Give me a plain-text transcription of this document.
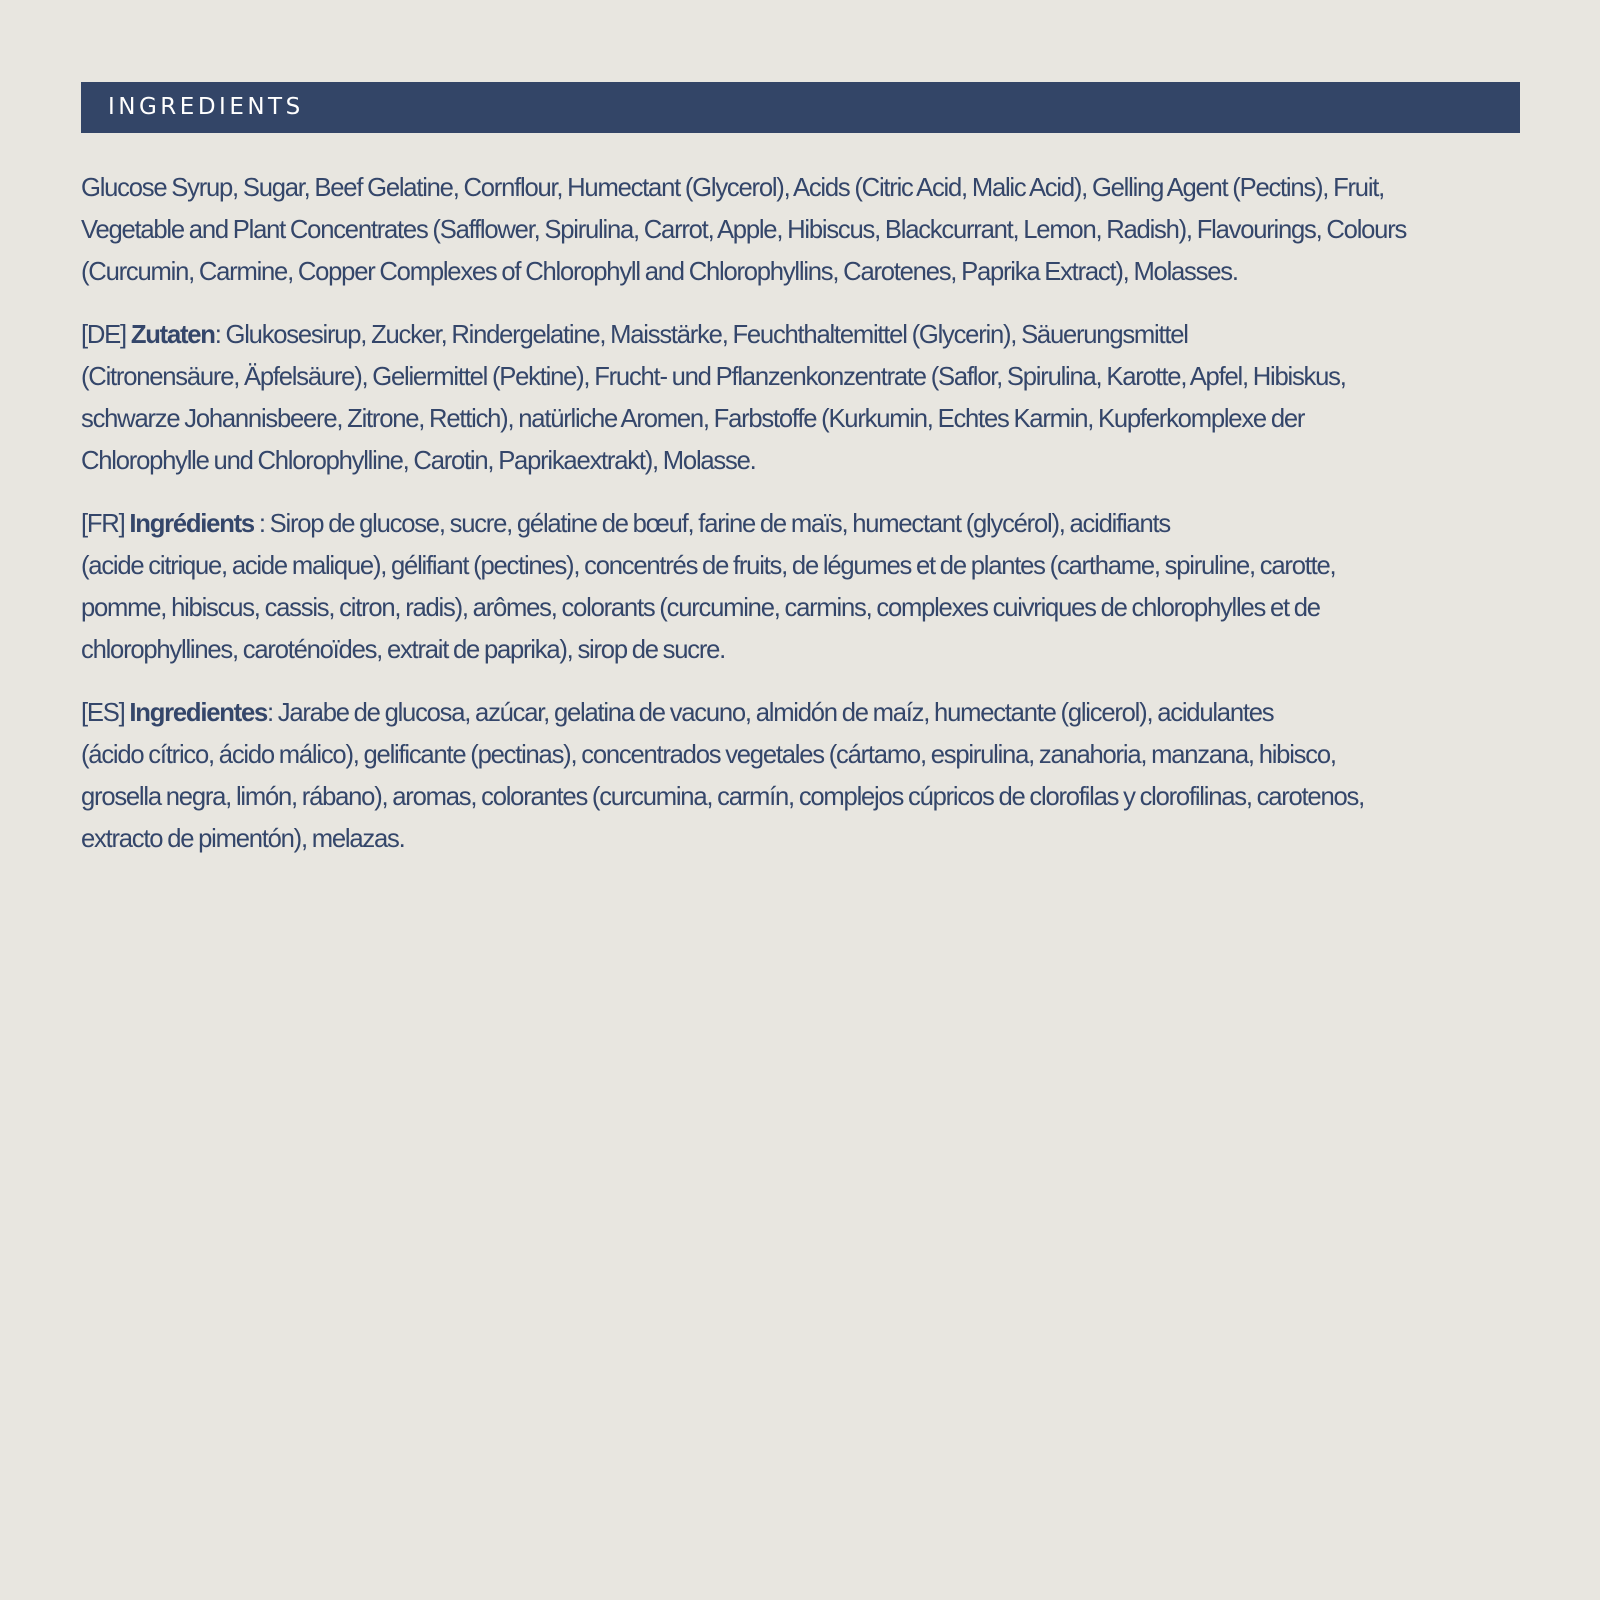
INGREDIENTS

Glucose Syrup, Sugar, Beef Gelatine, Cornflour, Humectant (Glycerol), Acids (Citric Acid, Malic Acid), Gelling Agent (Pectins), Fruit,
Vegetable and Plant Concentrates (Safflower, Spirulina, Carrot, Apple, Hibiscus, Blackcurrant, Lemon, Radish), Flavourings, Colours
(Curcumin, Carmine, Copper Complexes of Chlorophyll and Chlorophyllins, Carotenes, Paprika Extract), Molasses.

[DE] Zutaten: Glukosesirup, Zucker, Rindergelatine, Maisstärke, Feuchthaltemittel (Glycerin), Säuerungsmittel
(Citronensäure, Äpfelsäure), Geliermittel (Pektine), Frucht- und Pflanzenkonzentrate (Saflor, Spirulina, Karotte, Apfel, Hibiskus,
schwarze Johannisbeere, Zitrone, Rettich), natürliche Aromen, Farbstoffe (Kurkumin, Echtes Karmin, Kupferkomplexe der
Chlorophylle und Chlorophylline, Carotin, Paprikaextrakt), Molasse.

[FR] Ingrédients : Sirop de glucose, sucre, gélatine de bœuf, farine de maïs, humectant (glycérol), acidifiants
(acide citrique, acide malique), gélifiant (pectines), concentrés de fruits, de légumes et de plantes (carthame, spiruline, carotte,
pomme, hibiscus, cassis, citron, radis), arômes, colorants (curcumine, carmins, complexes cuivriques de chlorophylles et de
chlorophyllines, caroténoïdes, extrait de paprika), sirop de sucre.

[ES] Ingredientes: Jarabe de glucosa, azúcar, gelatina de vacuno, almidón de maíz, humectante (glicerol), acidulantes
(ácido cítrico, ácido málico), gelificante (pectinas), concentrados vegetales (cártamo, espirulina, zanahoria, manzana, hibisco,
grosella negra, limón, rábano), aromas, colorantes (curcumina, carmín, complejos cúpricos de clorofilas y clorofilinas, carotenos,
extracto de pimentón), melazas.
